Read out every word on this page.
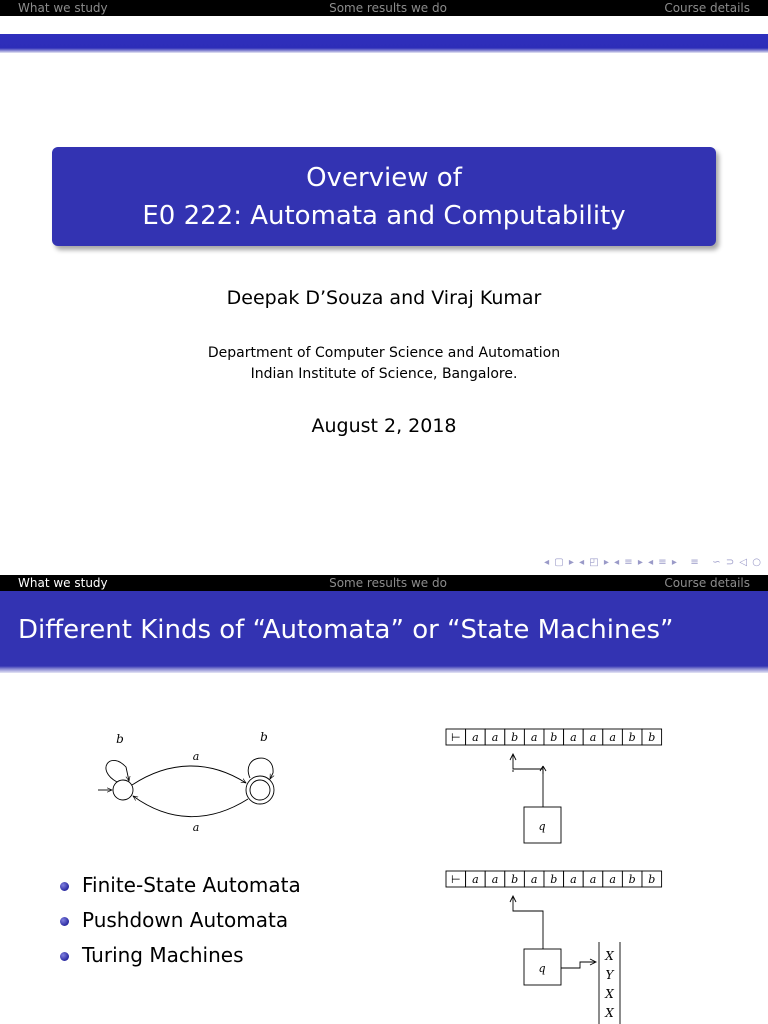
What we study	Some results we do	Course details
Overview of
E0 222: Automata and Computability
Deepak D’Souza and Viraj Kumar
Department of Computer Science and Automation
Indian Institute of Science, Bangalore.
August 2, 2018
◂ ▢ ▸ ◂ ◰ ▸ ◂ ≡ ▸ ◂ ≡ ▸   ≡   ∽ ⊃ ◁ ○
What we study	Some results we do	Course details
Different Kinds of “Automata” or “State Machines”
b	b
a
a
⊢ a a b a b a a a b b
q
⊢ a a b a b a a a b b
q
X
Y
X
X
Finite-State Automata
Pushdown Automata
Turing Machines
